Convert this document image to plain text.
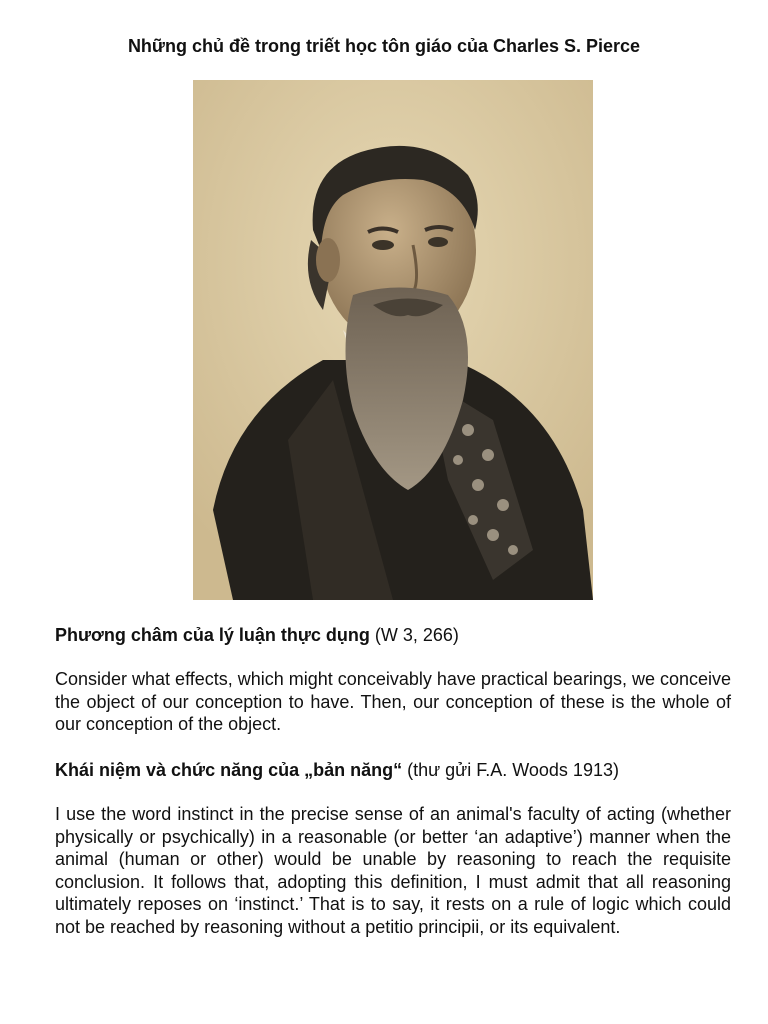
Những chủ đề trong triết học tôn giáo của Charles S. Pierce
Phương châm của lý luận thực dụng (W 3, 266)
Consider what effects, which might conceivably have practical bearings, we conceive the object of our conception to have. Then, our conception of these is the whole of our conception of the object.
Khái niệm và chức năng của „bản năng“ (thư gửi F.A. Woods 1913)
I use the word instinct in the precise sense of an animal's faculty of acting (whether physically or psychically) in a reasonable (or better ‘an adaptive’) manner when the animal (human or other) would be unable by reasoning to reach the requisite conclusion. It follows that, adopting this definition, I must admit that all reasoning ultimately reposes on ‘instinct.’ That is to say, it rests on a rule of logic which could not be reached by reasoning without a petitio principii, or its equivalent.
